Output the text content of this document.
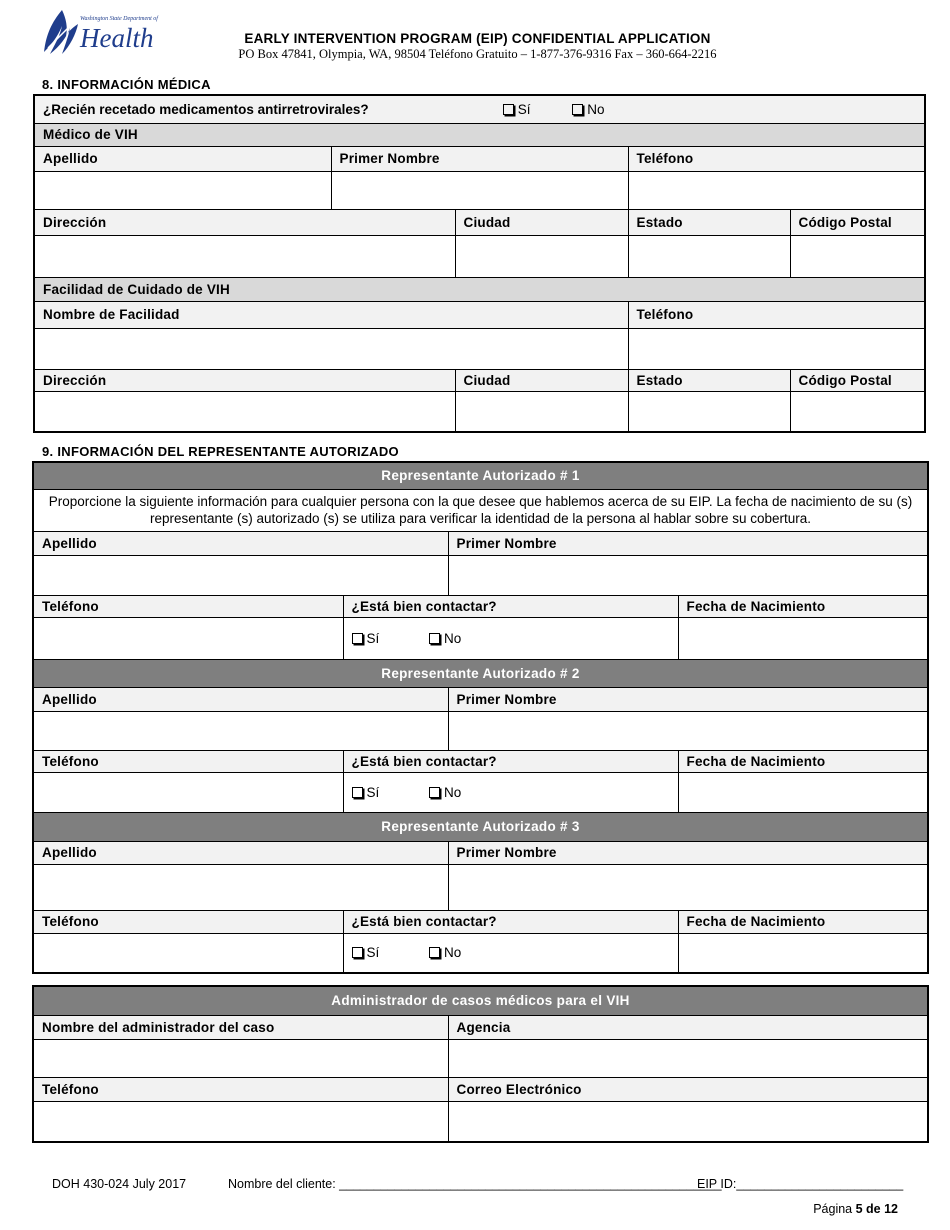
Washington State Department of
Health	EARLY INTERVENTION PROGRAM (EIP) CONFIDENTIAL APPLICATION
PO Box 47841, Olympia, WA, 98504 Teléfono Gratuito – 1-877-376-9316 Fax – 360-664-2216
8. INFORMACIÓN MÉDICA
¿Recién recetado medicamentos antirretrovirales? Sí No				
Médico de VIH				
Apellido	Primer Nombre		Teléfono	

Dirección		Ciudad	Estado	Código Postal

Facilidad de Cuidado de VIH				
Nombre de Facilidad			Teléfono	

Dirección		Ciudad	Estado	Código Postal

9. INFORMACIÓN DEL REPRESENTANTE AUTORIZADO
Representante Autorizado # 1			
Proporcione la siguiente información para cualquier persona con la que desee que hablemos acerca de su EIP. La fecha de nacimiento de su (s) representante (s) autorizado (s) se utiliza para verificar la identidad de la persona al hablar sobre su cobertura.			
Apellido		Primer Nombre	

Teléfono	¿Está bien contactar?		Fecha de Nacimiento
	Sí No		
Representante Autorizado # 2			
Apellido		Primer Nombre	

Teléfono	¿Está bien contactar?		Fecha de Nacimiento
	Sí No		
Representante Autorizado # 3			
Apellido		Primer Nombre	

Teléfono	¿Está bien contactar?		Fecha de Nacimiento
	Sí No		
Administrador de casos médicos para el VIH	
Nombre del administrador del caso	Agencia

Teléfono	Correo Electrónico

DOH 430-024 July 2017	Nombre del cliente: _______________________________________________________
EIP ID:________________________
Página 5 de 12
